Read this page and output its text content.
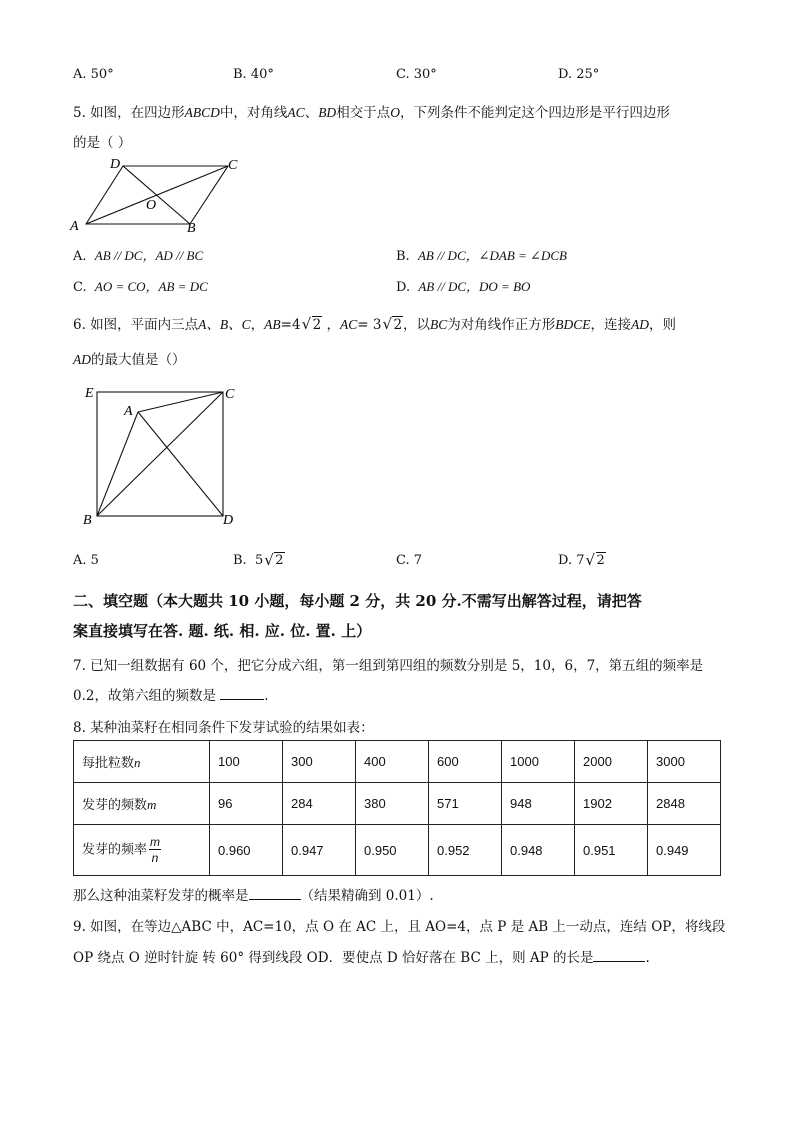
A. 50°	B. 40°	C. 30°	D. 25°
5. 如图，在四边形ABCD中，对角线AC、BD相交于点O，下列条件不能判定这个四边形是平行四边形
的是（ ）
A	B
C
D
O
A. AB // DC，AD // BC	B. AB // DC，∠DAB = ∠DCB
C. AO = CO，AB = DC	D. AB // DC，DO = BO
6. 如图，平面内三点A、B、C，AB=4 √ 2 ，AC= 3 √ 2，以BC为对角线作正方形BDCE，连接AD，则
AD的最大值是（）
E
A
C
B	D
A. 5	B. 5 √ 2	C. 7	D. 7 √ 2
二、填空题（本大题共 10 小题，每小题 2 分，共 20 分.不需写出解答过程，请把答
案直接填写在答. 题. 纸. 相. 应. 位. 置. 上）
7. 已知一组数据有 60 个，把它分成六组，第一组到第四组的频数分别是 5，10，6，7，第五组的频率是
0.2，故第六组的频数是	.
8. 某种油菜籽在相同条件下发芽试验的结果如表：
每批粒数n	100	300	400	600	1000	2000	3000
发芽的频数m	96	284	380	571	948	1902	2848
发芽的频率 $\frac{m}{n}$	0.960	0.947	0.950	0.952	0.948	0.951	0.949
那么这种油菜籽发芽的概率是	（结果精确到 0.01）.
9. 如图，在等边△ABC 中，AC=10，点 O 在 AC 上，且 AO=4，点 P 是 AB 上一动点，连结 OP，将线段
OP 绕点 O 逆时针旋 转 60° 得到线段 OD．要使点 D 恰好落在 BC 上，则 AP 的长是	.
